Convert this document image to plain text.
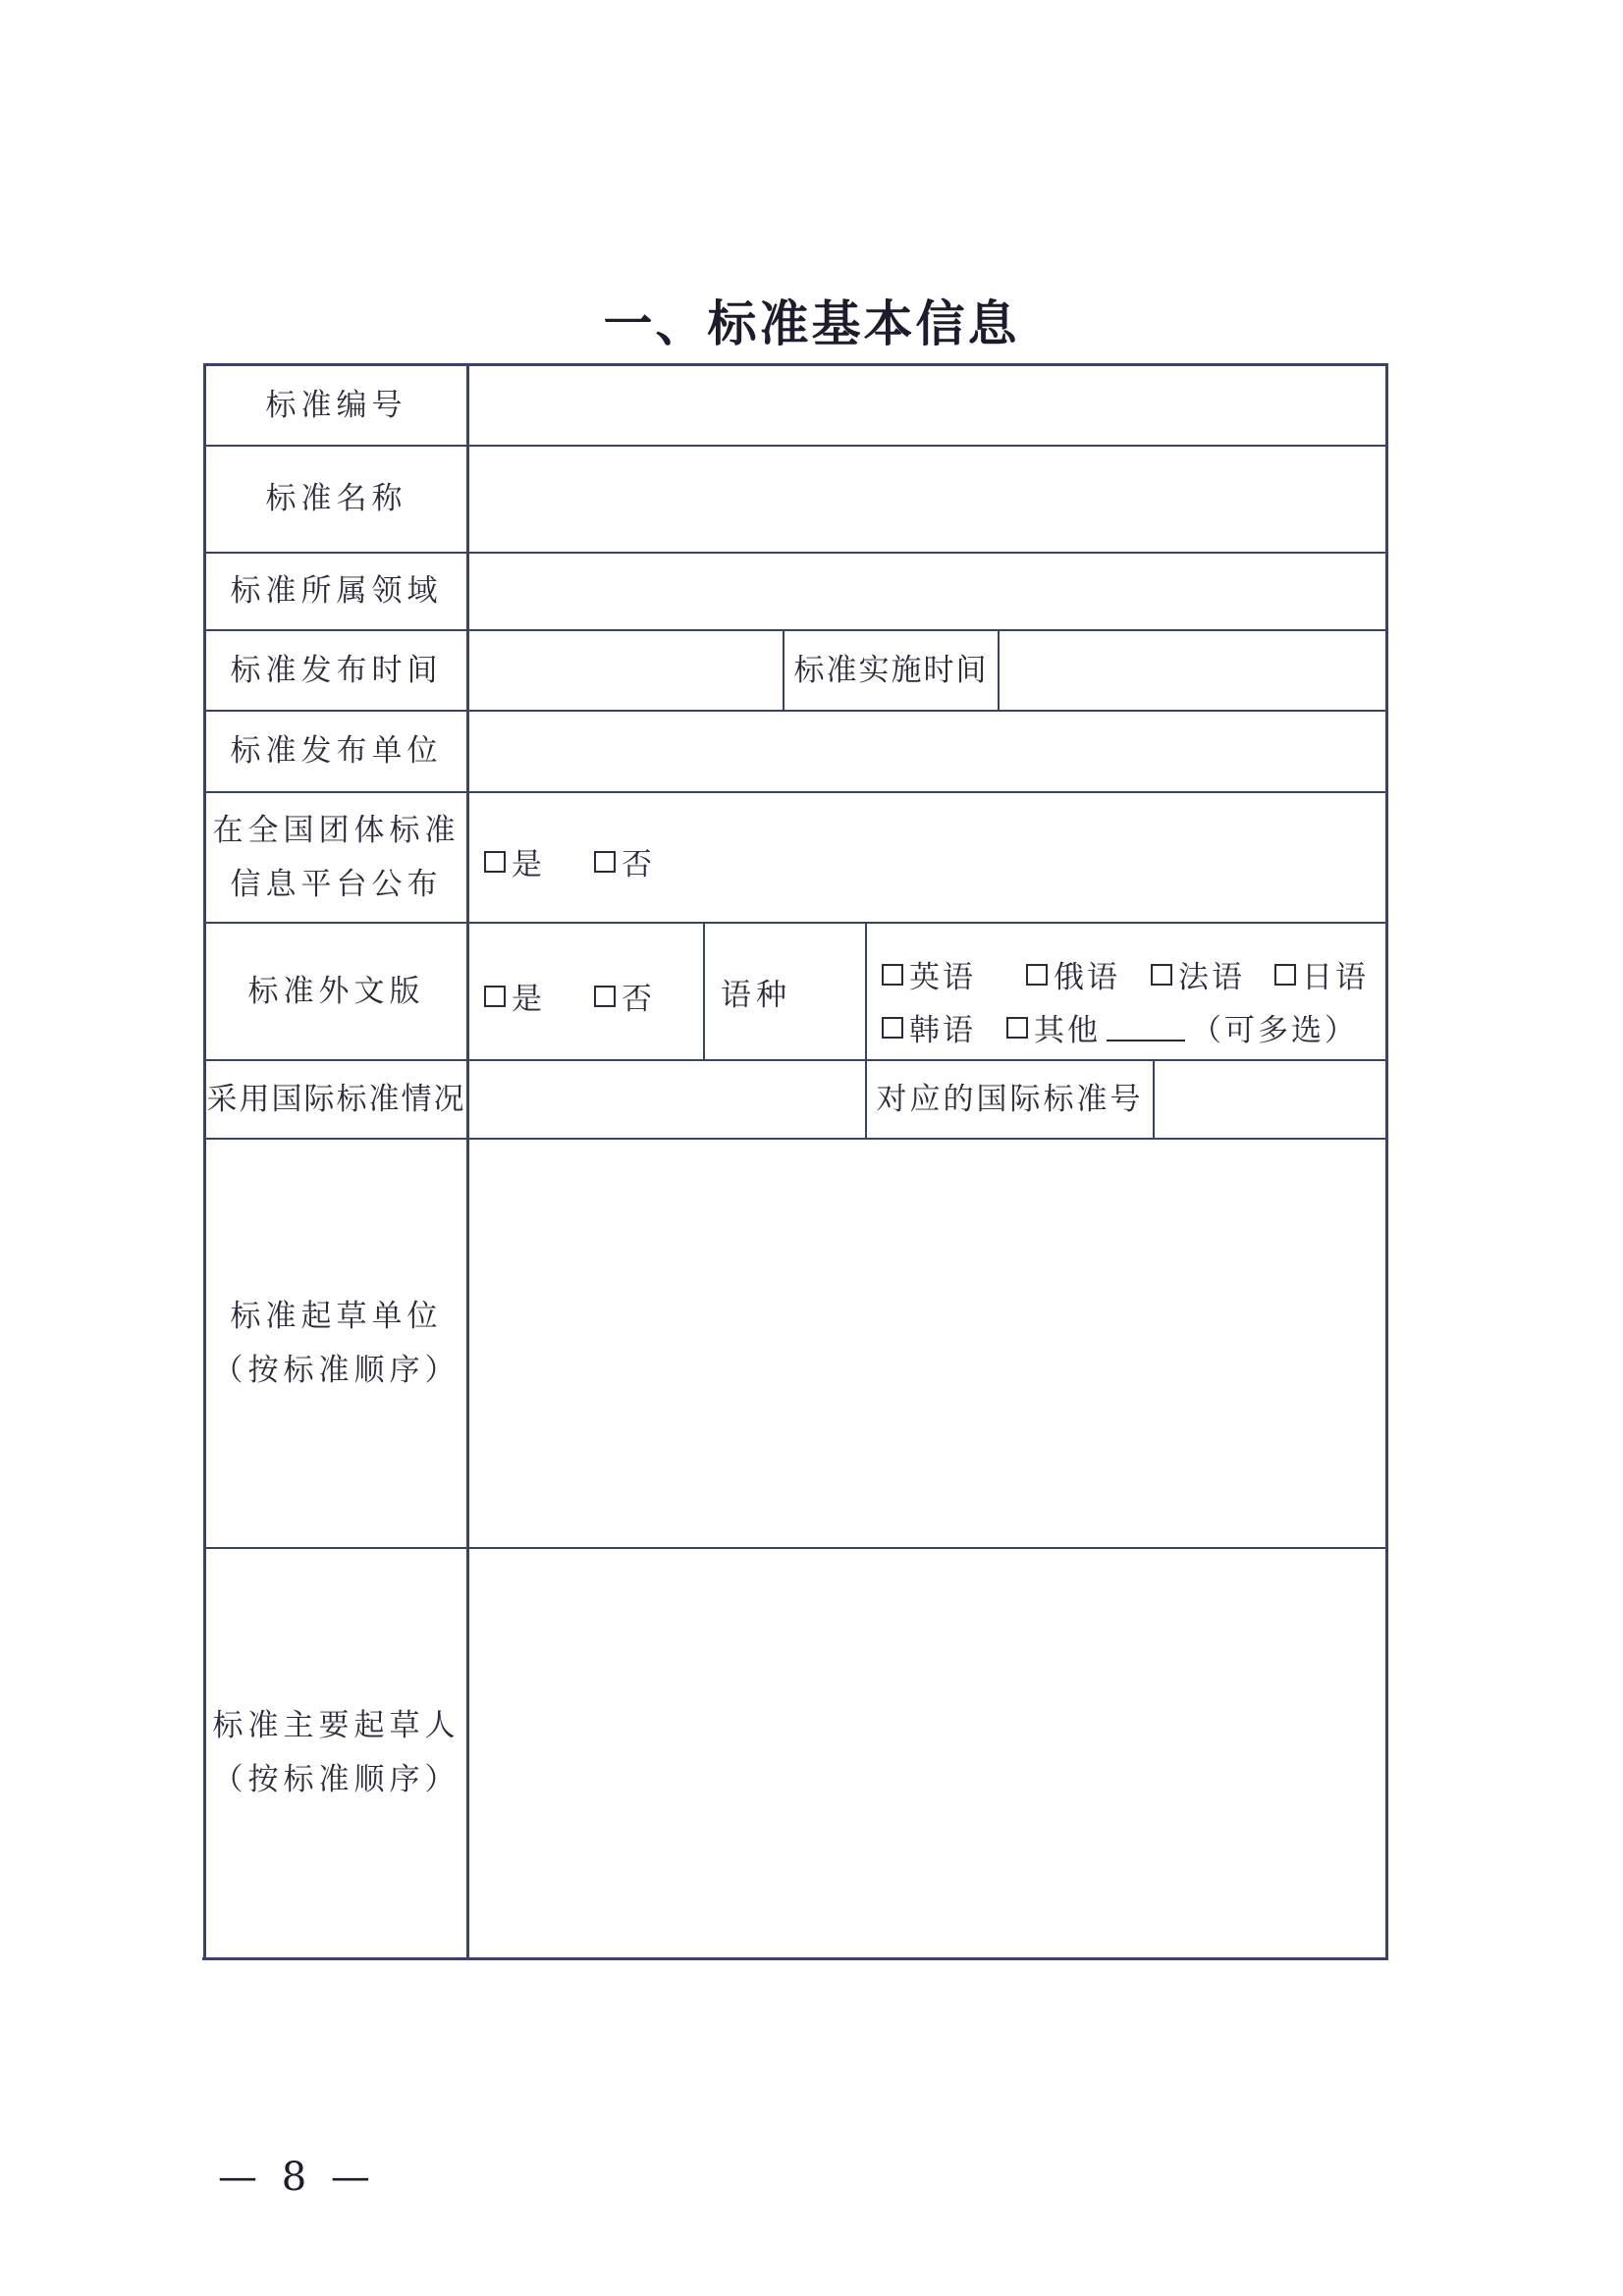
一、标准基本信息
标准编号
标准名称
标准所属领域
标准发布时间	标准实施时间
标准发布单位
在全国团体标准
信息平台公布
是	否
标准外文版	是	否	语种	英语	俄语 法语 日语
韩语 其他	（可多选）
采用国际标准情况	对应的国际标准号
标准起草单位
（按标准顺序）
标准主要起草人
（按标准顺序）
— 8 —
